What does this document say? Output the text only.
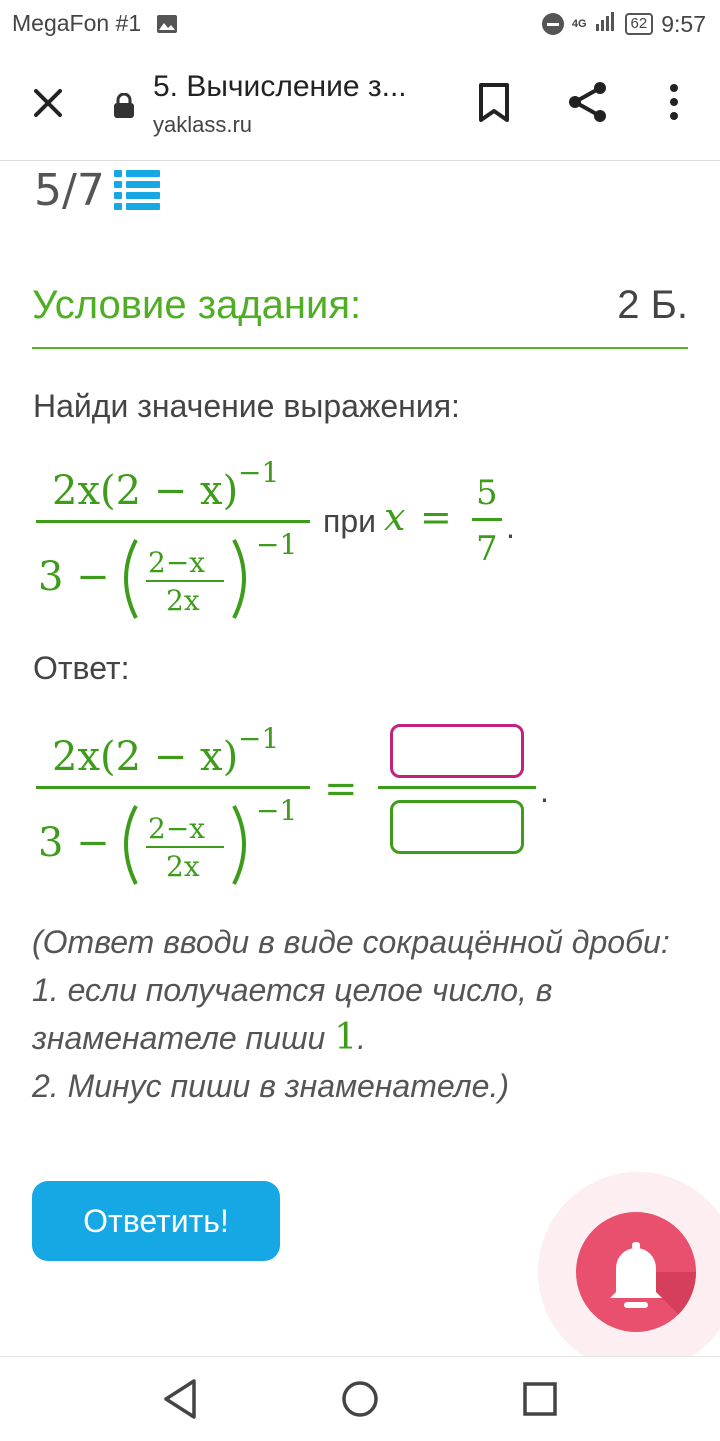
MegaFon #1	4G	62 9:57
5. Вычисление з...
yaklass.ru
5/7
Условие задания:	2 Б.
Найди значение выражения:
2x(2 − x) −1
3 − 2−x
2x
−1
при x =
5
7
.
Ответ:
2x(2 − x) −1
3 − 2−x
2x
−1 =	.
(Ответ вводи в виде сокращённой дроби:
1. если получается целое число, в
знаменателе пиши 1.
2. Минус пиши в знаменателе.)
Ответить!
